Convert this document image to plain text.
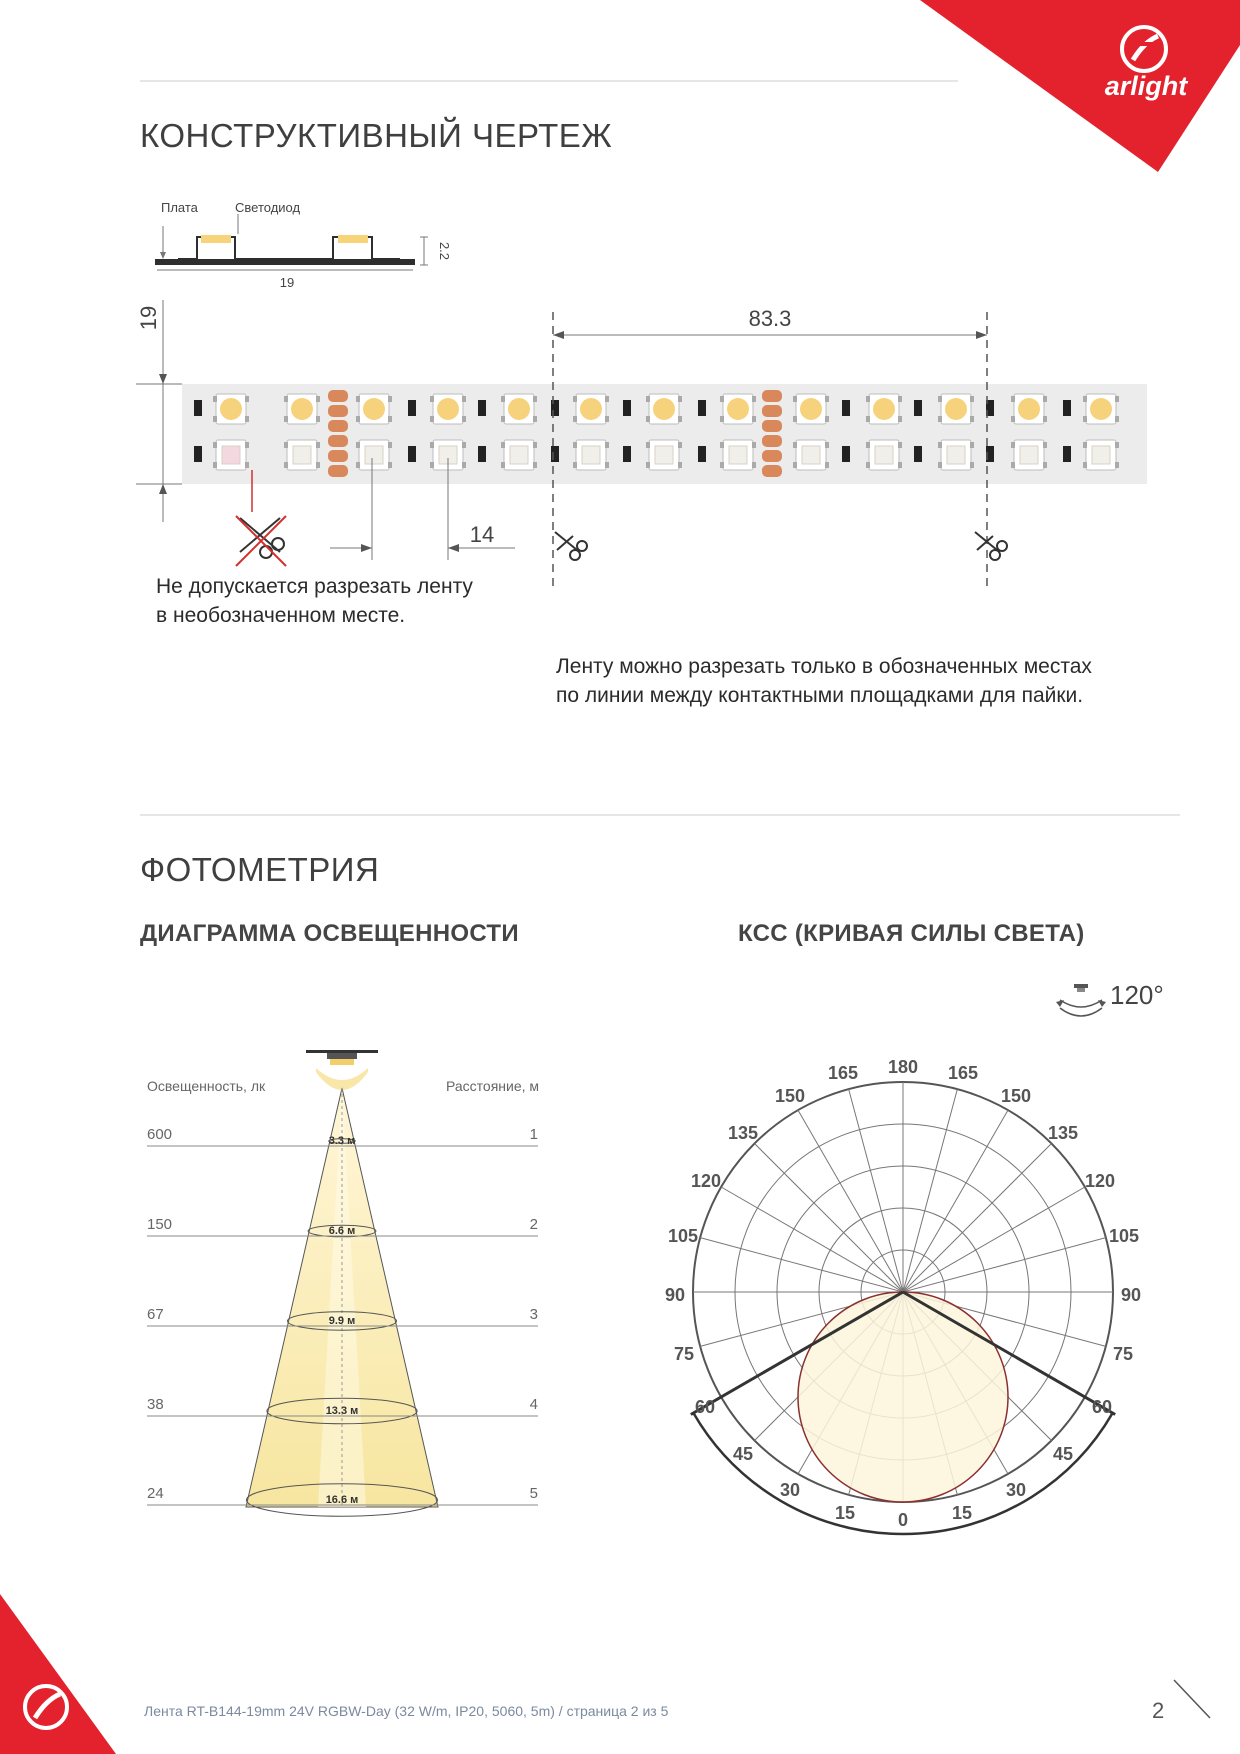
arlight
КОНСТРУКТИВНЫЙ ЧЕРТЕЖ
Плата	Светодиод
19
2.2
19	83.3
14
Не допускается разрезать ленту
в необозначенном месте.
Ленту можно разрезать только в обозначенных местах
по линии между контактными площадками для пайки.
ФОТОМЕТРИЯ
ДИАГРАММА ОСВЕЩЕННОСТИ	КСС (КРИВАЯ СИЛЫ СВЕТА)
Освещенность, лк	Расстояние, м
600	1
3.3 м
150	2
6.6 м
67	3
9.9 м
38	4
13.3 м
24	5
16.6 м
120°
180
165
150
135
120
105
90
75
60
165
150
135
120
105
90
75
60
45
30
15
45
30
15
0
Лента RT-B144-19mm 24V RGBW-Day (32 W/m, IP20, 5060, 5m) / страница 2 из 5	2
